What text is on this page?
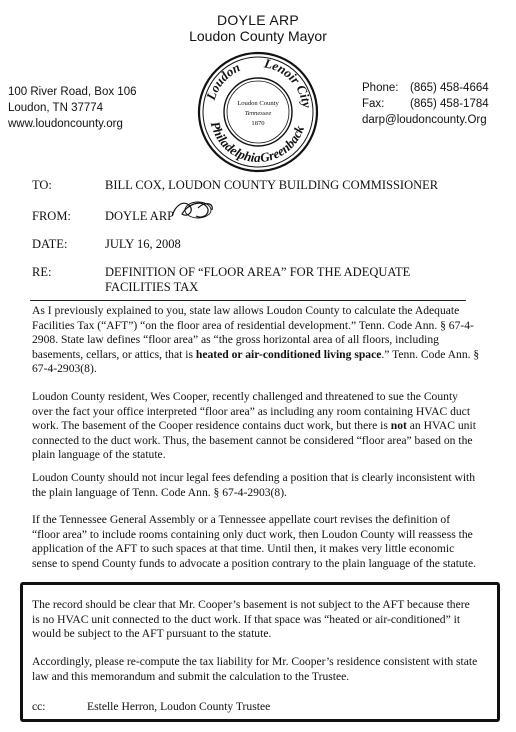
DOYLE ARP
Loudon County Mayor
100 River Road, Box 106
Loudon, TN 37774
www.loudoncounty.org
Phone: (865) 458-4664
Fax: (865) 458-1784
darp@loudoncounty.Org
Loudon Lenoir City
Philadelphia
Greenback
Loudon County
Tennessee
1870
TO:	BILL COX, LOUDON COUNTY BUILDING COMMISSIONER
FROM:	DOYLE ARP
DATE:	JULY 16, 2008
RE:	DEFINITION OF “FLOOR AREA” FOR THE ADEQUATE
FACILITIES TAX

As I previously explained to you, state law allows Loudon County to calculate the Adequate Facilities Tax (“AFT”) “on the floor area of residential development.” Tenn. Code Ann. § 67-4-2908. State law defines “floor area” as “the gross horizontal area of all floors, including basements, cellars, or attics, that is heated or air-conditioned living space.” Tenn. Code Ann. § 67-4-2903(8).

Loudon County resident, Wes Cooper, recently challenged and threatened to sue the County over the fact your office interpreted “floor area” as including any room containing HVAC duct work. The basement of the Cooper residence contains duct work, but there is not an HVAC unit connected to the duct work. Thus, the basement cannot be considered “floor area” based on the plain language of the statute.

Loudon County should not incur legal fees defending a position that is clearly inconsistent with the plain language of Tenn. Code Ann. § 67-4-2903(8).

If the Tennessee General Assembly or a Tennessee appellate court revises the definition of “floor area” to include rooms containing only duct work, then Loudon County will reassess the application of the AFT to such spaces at that time. Until then, it makes very little economic sense to spend County funds to advocate a position contrary to the plain language of the statute.

The record should be clear that Mr. Cooper’s basement is not subject to the AFT because there is no HVAC unit connected to the duct work. If that space was “heated or air-conditioned” it would be subject to the AFT pursuant to the statute.

Accordingly, please re-compute the tax liability for Mr. Cooper’s residence consistent with state law and this memorandum and submit the calculation to the Trustee.

cc:	Estelle Herron, Loudon County Trustee
